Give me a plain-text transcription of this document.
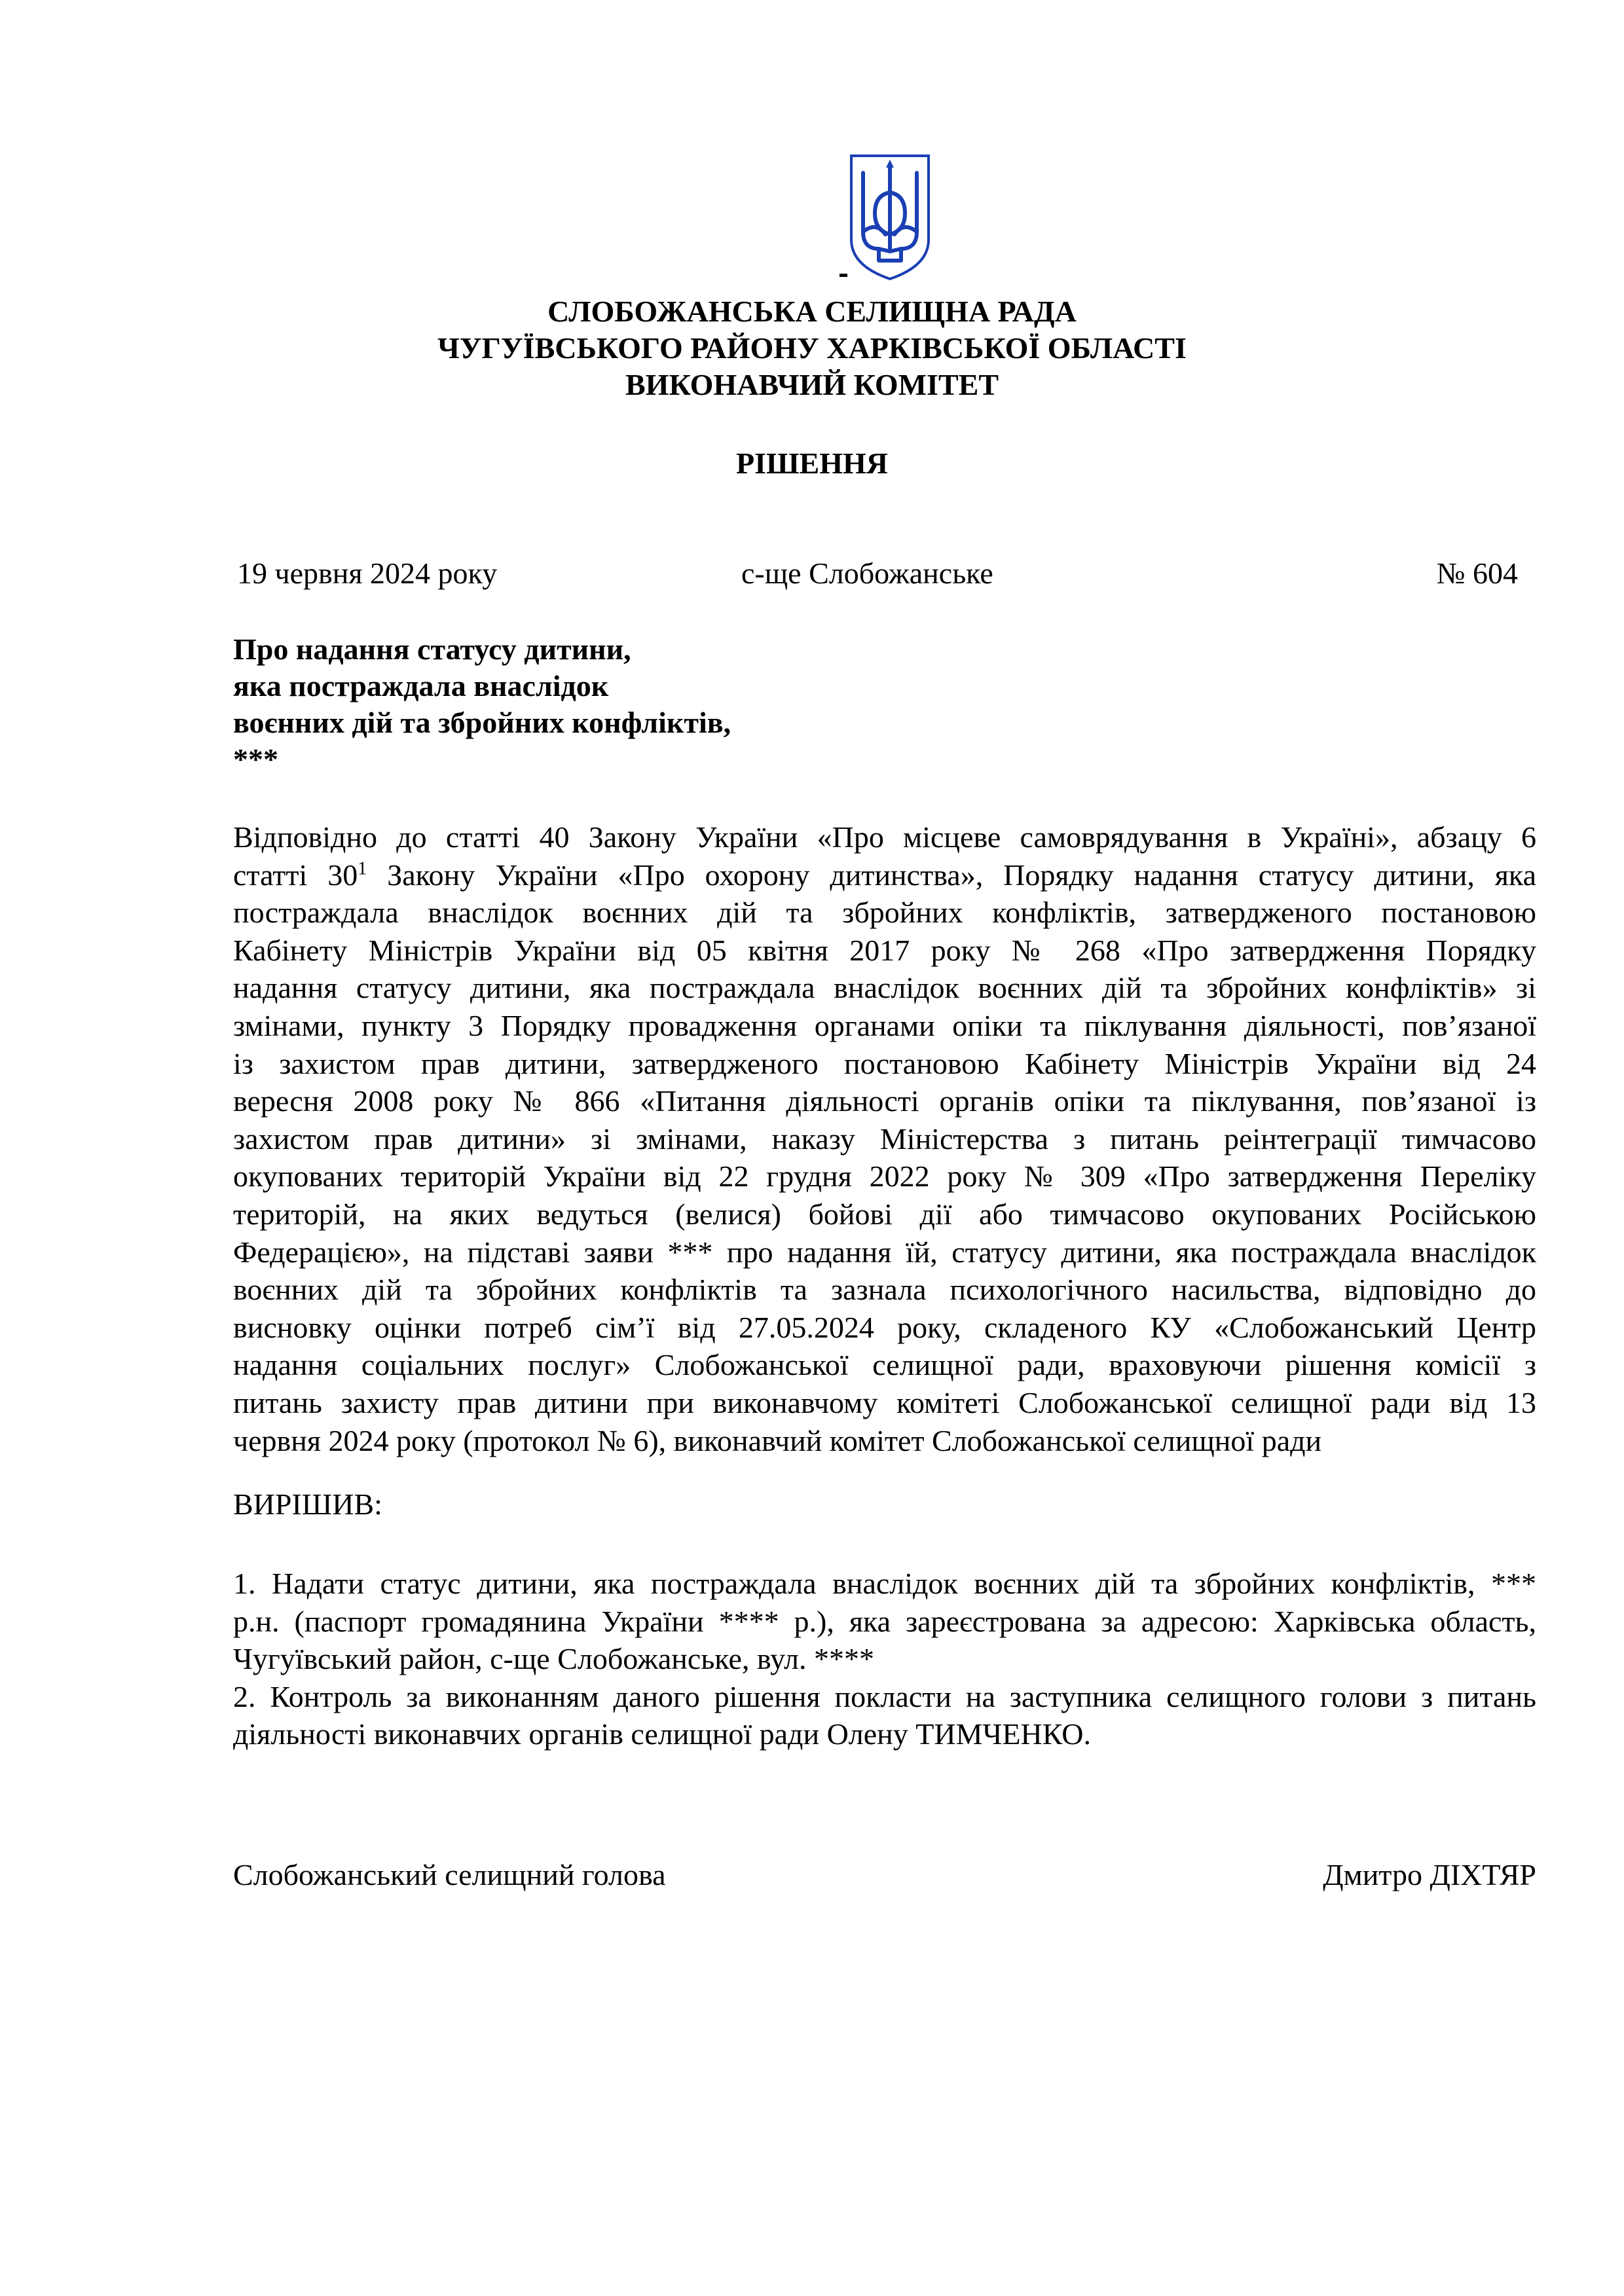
СЛОБОЖАНСЬКА СЕЛИЩНА РАДА
ЧУГУЇВСЬКОГО РАЙОНУ ХАРКІВСЬКОЇ ОБЛАСТІ
ВИКОНАВЧИЙ КОМІТЕТ
РІШЕННЯ
19 червня 2024 року	с-ще Слобожанське	№ 604
Про надання статусу дитини,
яка постраждала внаслідок
воєнних дій та збройних конфліктів,
***
Відповідно до статті 40 Закону України «Про місцеве самоврядування в Україні», абзацу 6
статті $30^1$ Закону України «Про охорону дитинства», Порядку надання статусу дитини, яка
постраждала внаслідок воєнних дій та збройних конфліктів, затвердженого постановою
Кабінету Міністрів України від 05 квітня 2017 року № 268 «Про затвердження Порядку
надання статусу дитини, яка постраждала внаслідок воєнних дій та збройних конфліктів» зі
змінами, пункту 3 Порядку провадження органами опіки та піклування діяльності, пов’язаної
із захистом прав дитини, затвердженого постановою Кабінету Міністрів України від 24
вересня 2008 року № 866 «Питання діяльності органів опіки та піклування, пов’язаної із
захистом прав дитини» зі змінами, наказу Міністерства з питань реінтеграції тимчасово
окупованих територій України від 22 грудня 2022 року № 309 «Про затвердження Переліку
територій, на яких ведуться (велися) бойові дії або тимчасово окупованих Російською
Федерацією», на підставі заяви *** про надання їй, статусу дитини, яка постраждала внаслідок
воєнних дій та збройних конфліктів та зазнала психологічного насильства, відповідно до
висновку оцінки потреб сім’ї від 27.05.2024 року, складеного КУ «Слобожанський Центр
надання соціальних послуг» Слобожанської селищної ради, враховуючи рішення комісії з
питань захисту прав дитини при виконавчому комітеті Слобожанської селищної ради від 13
червня 2024 року (протокол № 6), виконавчий комітет Слобожанської селищної ради
ВИРІШИВ:
1. Надати статус дитини, яка постраждала внаслідок воєнних дій та збройних конфліктів, ***
р.н. (паспорт громадянина України **** р.), яка зареєстрована за адресою: Харківська область,
Чугуївський район, с-ще Слобожанське, вул. ****
2. Контроль за виконанням даного рішення покласти на заступника селищного голови з питань
діяльності виконавчих органів селищної ради Олену ТИМЧЕНКО.
Слобожанський селищний голова	Дмитро ДІХТЯР
